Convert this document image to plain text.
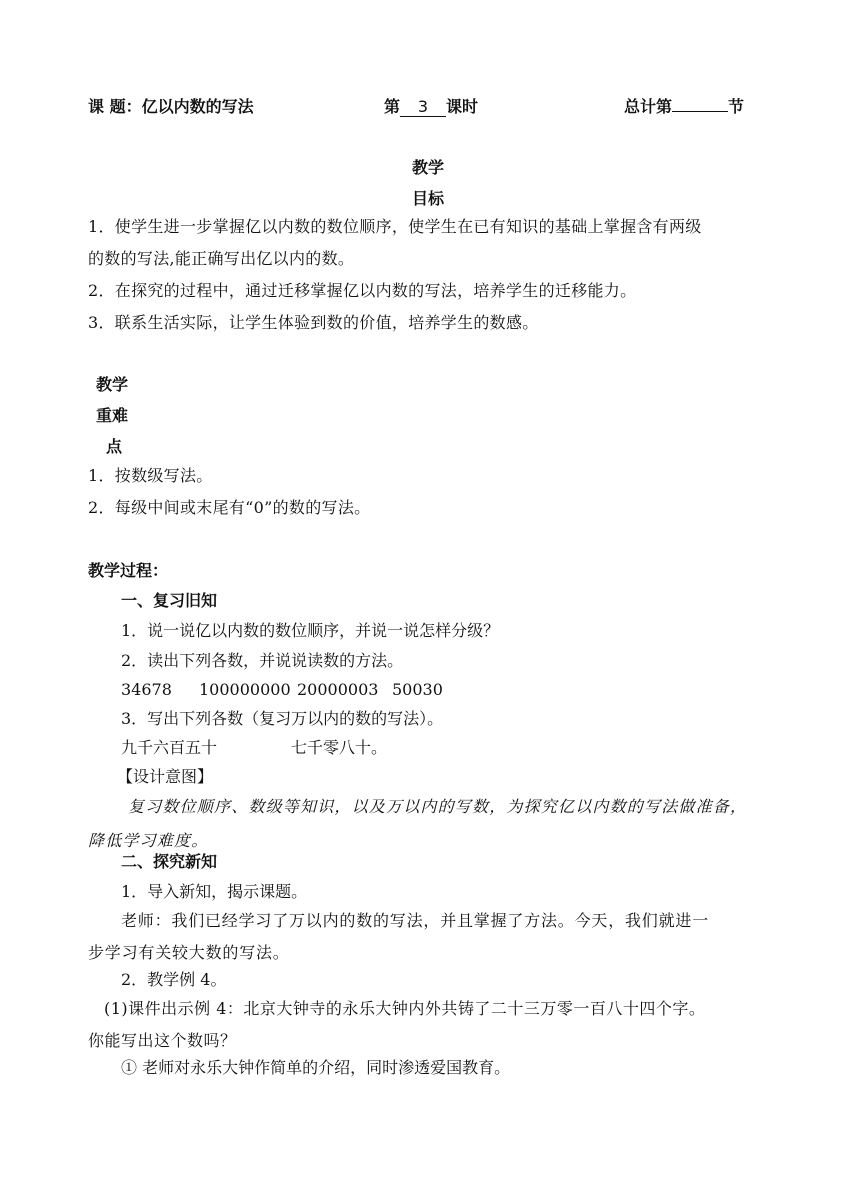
课 题：亿以内数的写法	第 3 课时	总计第	节
教学
目标
1．使学生进一步掌握亿以内数的数位顺序，使学生在已有知识的基础上掌握含有两级
的数的写法,能正确写出亿以内的数。
2．在探究的过程中，通过迁移掌握亿以内数的写法，培养学生的迁移能力。
3．联系生活实际，让学生体验到数的价值，培养学生的数感。
教学
重难
点
1．按数级写法。
2．每级中间或末尾有“0”的数的写法。
教学过程：
一、复习旧知
1．说一说亿以内数的数位顺序，并说一说怎样分级？
2．读出下列各数，并说说读数的方法。
34678 100000000 20000003 50030
3．写出下列各数（复习万以内的数的写法）。
九千六百五十	七千零八十。
【设计意图】
复习数位顺序、数级等知识，以及万以内的写数，为探究亿以内数的写法做准备，
降低学习难度。
二、探究新知
1．导入新知，揭示课题。
老师：我们已经学习了万以内的数的写法，并且掌握了方法。今天，我们就进一
步学习有关较大数的写法。
2．教学例 4。
(1)课件出示例 4：北京大钟寺的永乐大钟内外共铸了二十三万零一百八十四个字。
你能写出这个数吗？
① 老师对永乐大钟作简单的介绍，同时渗透爱国教育。
